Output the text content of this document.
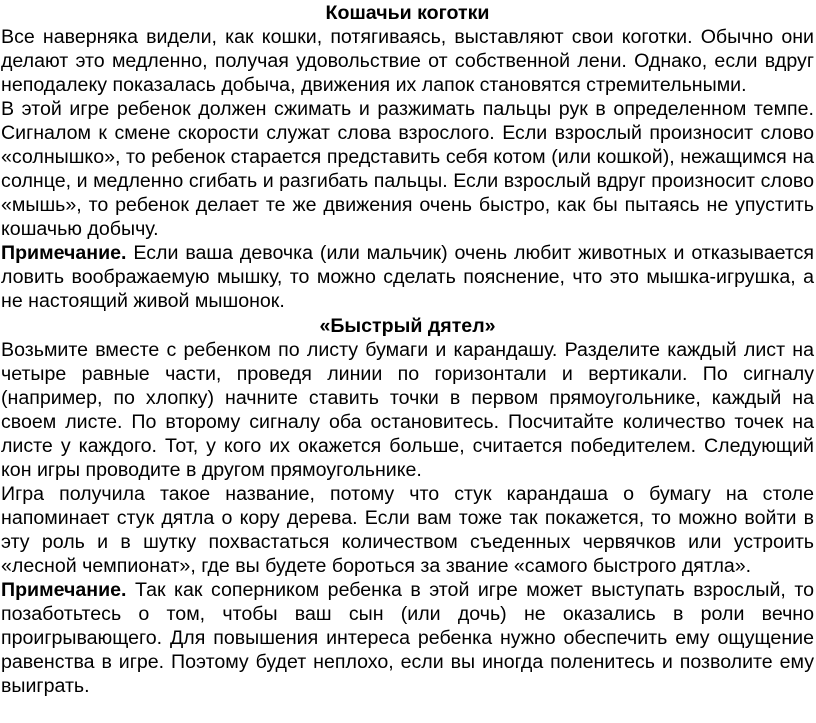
Кошачьи коготки

Все наверняка видели, как кошки, потягиваясь, выставляют свои коготки. Обычно они делают это медленно, получая удовольствие от собственной лени. Однако, если вдруг неподалеку показалась добыча, движения их лапок становятся стремительными.

В этой игре ребенок должен сжимать и разжимать пальцы рук в определенном темпе. Сигналом к смене скорости служат слова взрослого. Если взрослый произносит слово «солнышко», то ребенок старается представить себя котом (или кошкой), нежащимся на солнце, и медленно сгибать и разгибать пальцы. Если взрослый вдруг произносит слово «мышь», то ребенок делает те же движения очень быстро, как бы пытаясь не упустить кошачью добычу.

Примечание. Если ваша девочка (или мальчик) очень любит животных и отказывается ловить воображаемую мышку, то можно сделать пояснение, что это мышка-игрушка, а не настоящий живой мышонок.

«Быстрый дятел»

Возьмите вместе с ребенком по листу бумаги и карандашу. Разделите каждый лист на четыре равные части, проведя линии по горизонтали и вертикали. По сигналу (например, по хлопку) начните ставить точки в первом прямоугольнике, каждый на своем листе. По второму сигналу оба остановитесь. Посчитайте количество точек на листе у каждого. Тот, у кого их окажется больше, считается победителем. Следующий кон игры проводите в другом прямоугольнике.

Игра получила такое название, потому что стук карандаша о бумагу на столе напоминает стук дятла о кору дерева. Если вам тоже так покажется, то можно войти в эту роль и в шутку похвастаться количеством съеденных червячков или устроить «лесной чемпионат», где вы будете бороться за звание «самого быстрого дятла».

Примечание. Так как соперником ребенка в этой игре может выступать взрослый, то позаботьтесь о том, чтобы ваш сын (или дочь) не оказались в роли вечно проигрывающего. Для повышения интереса ребенка нужно обеспечить ему ощущение равенства в игре. Поэтому будет неплохо, если вы иногда поленитесь и позволите ему выиграть.
